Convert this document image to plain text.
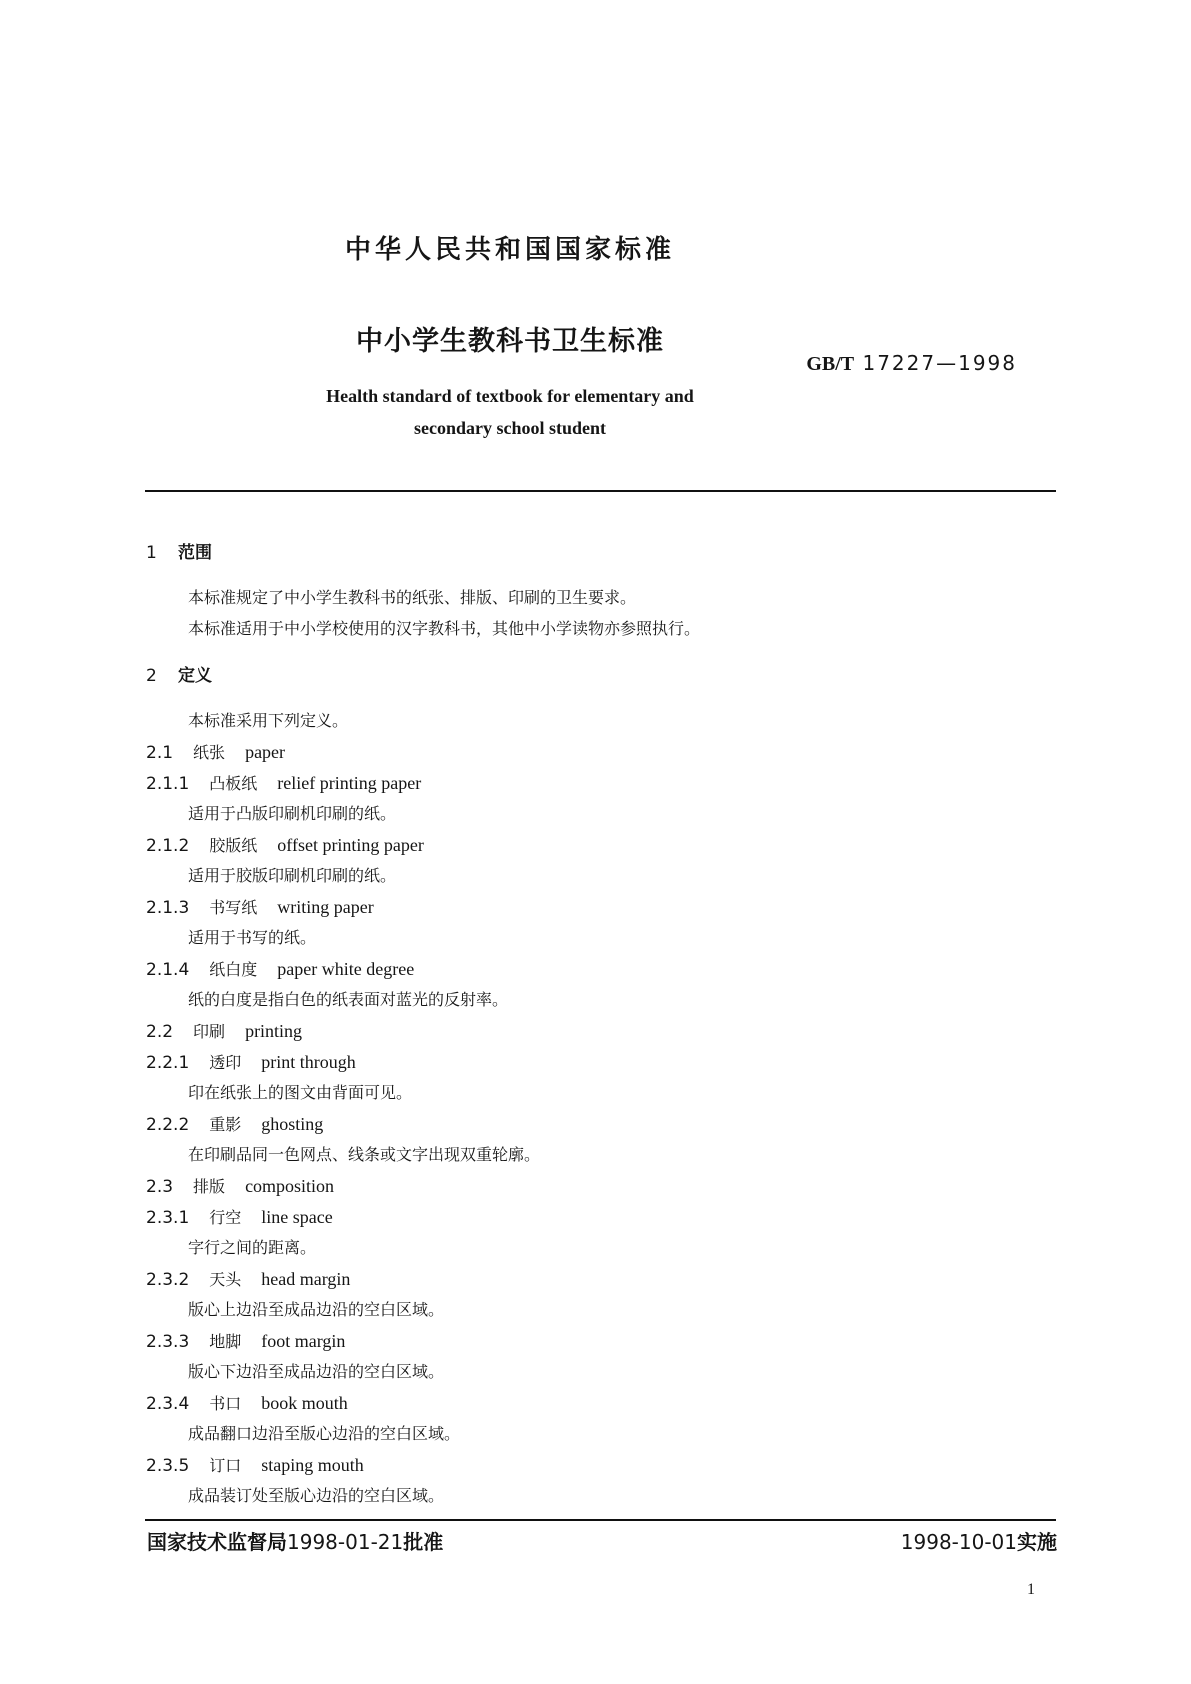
中华人民共和国国家标准
中小学生教科书卫生标准
GB/T 17227—1998
Health standard of textbook for elementary and
secondary school student
1 范围
本标准规定了中小学生教科书的纸张、排版、印刷的卫生要求。
本标准适用于中小学校使用的汉字教科书，其他中小学读物亦参照执行。
2 定义
本标准采用下列定义。
2.1 纸张 paper
2.1.1 凸板纸 relief printing paper
适用于凸版印刷机印刷的纸。
2.1.2 胶版纸 offset printing paper
适用于胶版印刷机印刷的纸。
2.1.3 书写纸 writing paper
适用于书写的纸。
2.1.4 纸白度 paper white degree
纸的白度是指白色的纸表面对蓝光的反射率。
2.2 印刷 printing
2.2.1 透印 print through
印在纸张上的图文由背面可见。
2.2.2 重影 ghosting
在印刷品同一色网点、线条或文字出现双重轮廓。
2.3 排版 composition
2.3.1 行空 line space
字行之间的距离。
2.3.2 天头 head margin
版心上边沿至成品边沿的空白区域。
2.3.3 地脚 foot margin
版心下边沿至成品边沿的空白区域。
2.3.4 书口 book mouth
成品翻口边沿至版心边沿的空白区域。
2.3.5 订口 staping mouth
成品装订处至版心边沿的空白区域。
国家技术监督局1998-01-21批准	1998-10-01实施
1
